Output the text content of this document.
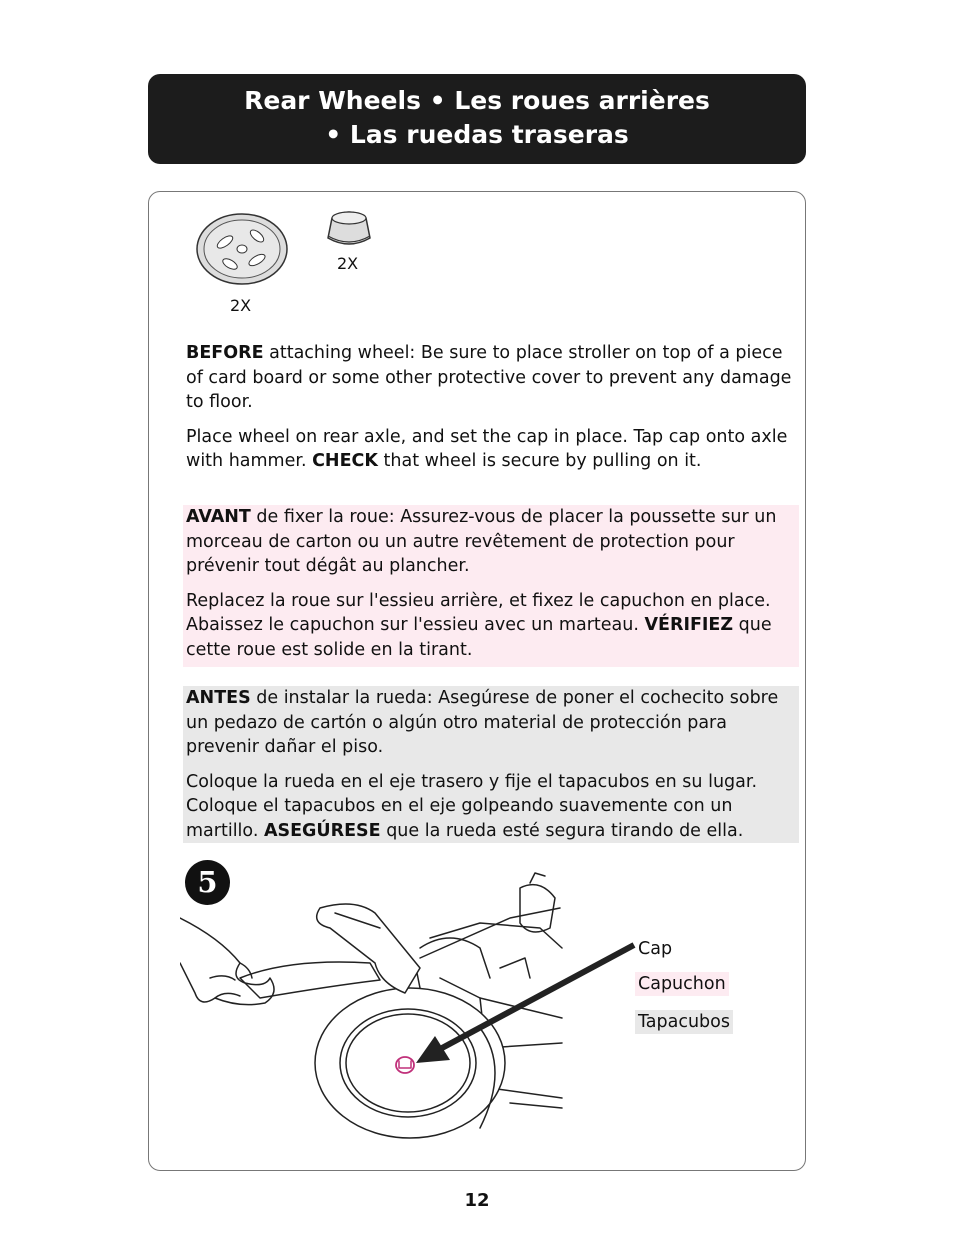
Rear Wheels • Les roues arrières
• Las ruedas traseras
2X
2X

BEFORE attaching wheel: Be sure to place stroller on top of a piece of card board or some other protective cover to prevent any damage to floor.

Place wheel on rear axle, and set the cap in place. Tap cap onto axle with hammer. CHECK that wheel is secure by pulling on it.

AVANT de fixer la roue: Assurez-vous de placer la poussette sur un morceau de carton ou un autre revêtement de protection pour prévenir tout dégât au plancher.

Replacez la roue sur l'essieu arrière, et fixez le capuchon en place. Abaissez le capuchon sur l'essieu avec un marteau. VÉRIFIEZ que cette roue est solide en la tirant.

ANTES de instalar la rueda: Asegúrese de poner el cochecito sobre un pedazo de cartón o algún otro material de protección para prevenir dañar el piso.

Coloque la rueda en el eje trasero y fije el tapacubos en su lugar. Coloque el tapacubos en el eje golpeando suavemente con un martillo. ASEGÚRESE que la rueda esté segura tirando de ella.

5
Cap
Capuchon
Tapacubos
12
